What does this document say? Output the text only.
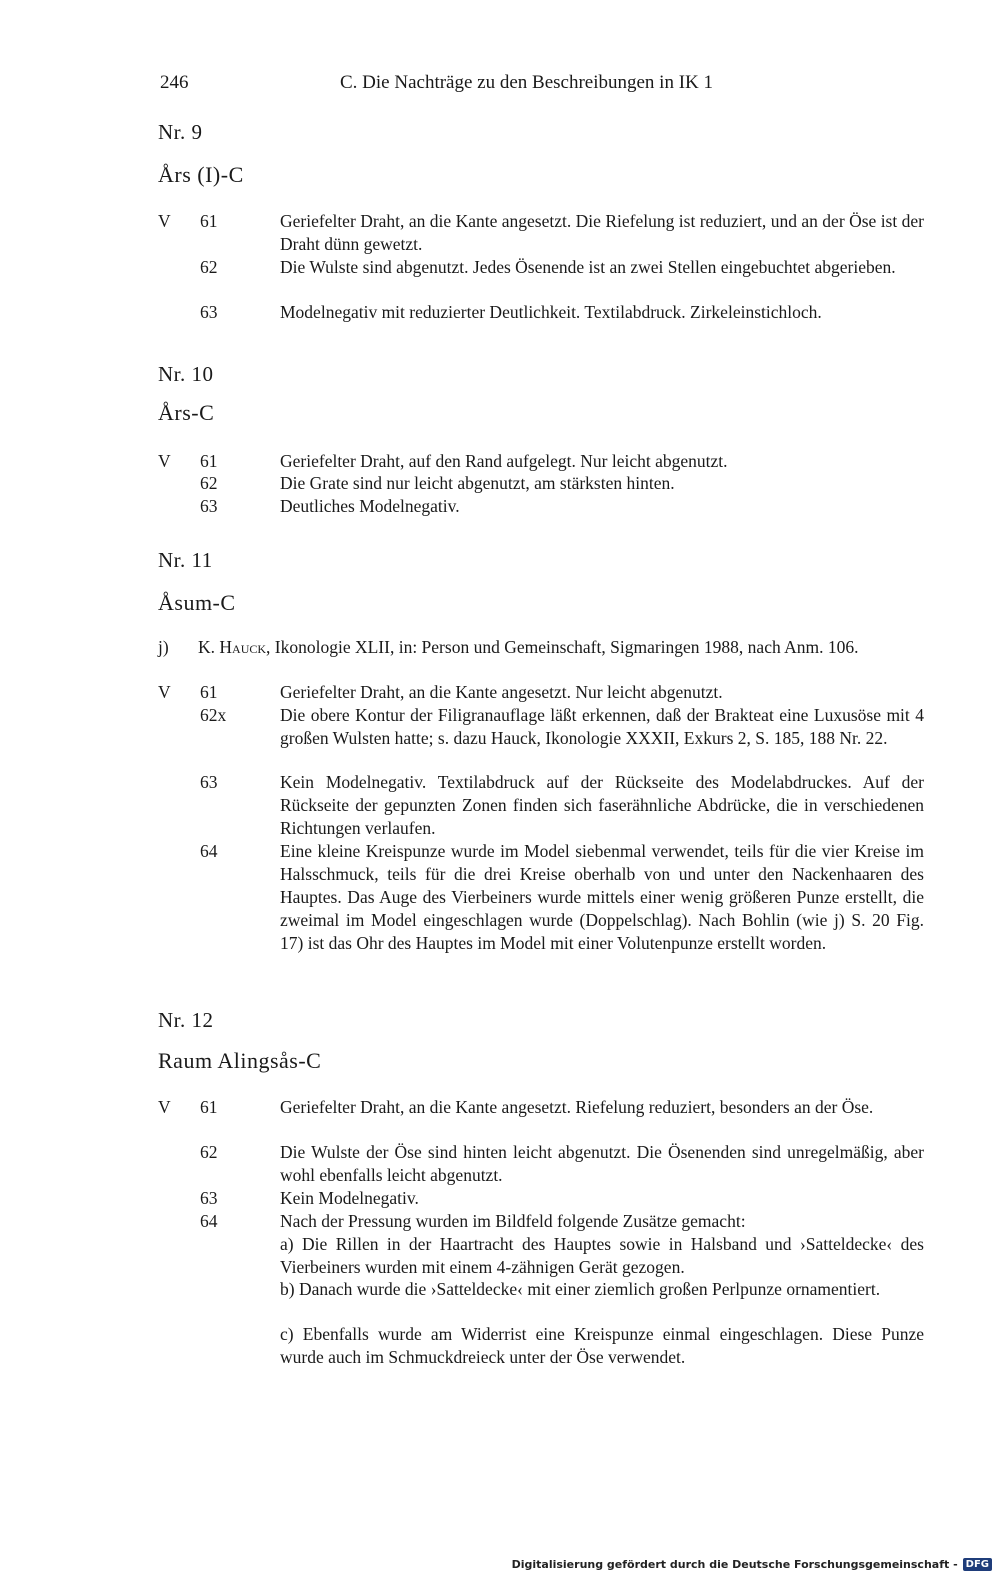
246	C. Die Nachträge zu den Beschreibungen in IK 1
Nr. 9
Års (I)-C
V	61	Geriefelter Draht, an die Kante angesetzt. Die Riefelung ist reduziert, und an der Öse ist der Draht dünn gewetzt.
62	Die Wulste sind abgenutzt. Jedes Ösenende ist an zwei Stellen eingebuchtet abgerieben.
63	Modelnegativ mit reduzierter Deutlichkeit. Textilabdruck. Zirkeleinstichloch.
Nr. 10
Års-C
V	61	Geriefelter Draht, auf den Rand aufgelegt. Nur leicht abgenutzt.
62	Die Grate sind nur leicht abgenutzt, am stärksten hinten.
63	Deutliches Modelnegativ.
Nr. 11
Åsum-C
j)	K. Hauck, Ikonologie XLII, in: Person und Gemeinschaft, Sigmaringen 1988, nach Anm. 106.
V	61	Geriefelter Draht, an die Kante angesetzt. Nur leicht abgenutzt.
62x	Die obere Kontur der Filigranauflage läßt erkennen, daß der Brakteat eine Luxusöse mit 4 großen Wulsten hatte; s. dazu Hauck, Ikonologie XXXII, Exkurs 2, S. 185, 188 Nr. 22.
63	Kein Modelnegativ. Textilabdruck auf der Rückseite des Modelabdruckes. Auf der Rückseite der gepunzten Zonen finden sich faserähnliche Abdrücke, die in verschiedenen Richtungen verlaufen.
64	Eine kleine Kreispunze wurde im Model siebenmal verwendet, teils für die vier Kreise im Halsschmuck, teils für die drei Kreise oberhalb von und unter den Nackenhaaren des Hauptes. Das Auge des Vierbeiners wurde mittels einer wenig größeren Punze erstellt, die zweimal im Model eingeschlagen wurde (Doppelschlag). Nach Bohlin (wie j) S. 20 Fig. 17) ist das Ohr des Hauptes im Model mit einer Volutenpunze erstellt worden.
Nr. 12
Raum Alingsås-C
V	61	Geriefelter Draht, an die Kante angesetzt. Riefelung reduziert, besonders an der Öse.
62	Die Wulste der Öse sind hinten leicht abgenutzt. Die Ösenenden sind unregelmäßig, aber wohl ebenfalls leicht abgenutzt.
63	Kein Modelnegativ.
64	Nach der Pressung wurden im Bildfeld folgende Zusätze gemacht:
a) Die Rillen in der Haartracht des Hauptes sowie in Halsband und ›Satteldecke‹ des Vierbeiners wurden mit einem 4-zähnigen Gerät gezogen.
b) Danach wurde die ›Satteldecke‹ mit einer ziemlich großen Perlpunze ornamentiert.
c) Ebenfalls wurde am Widerrist eine Kreispunze einmal eingeschlagen. Diese Punze wurde auch im Schmuckdreieck unter der Öse verwendet.
Digitalisierung gefördert durch die Deutsche Forschungsgemeinschaft - DFG
